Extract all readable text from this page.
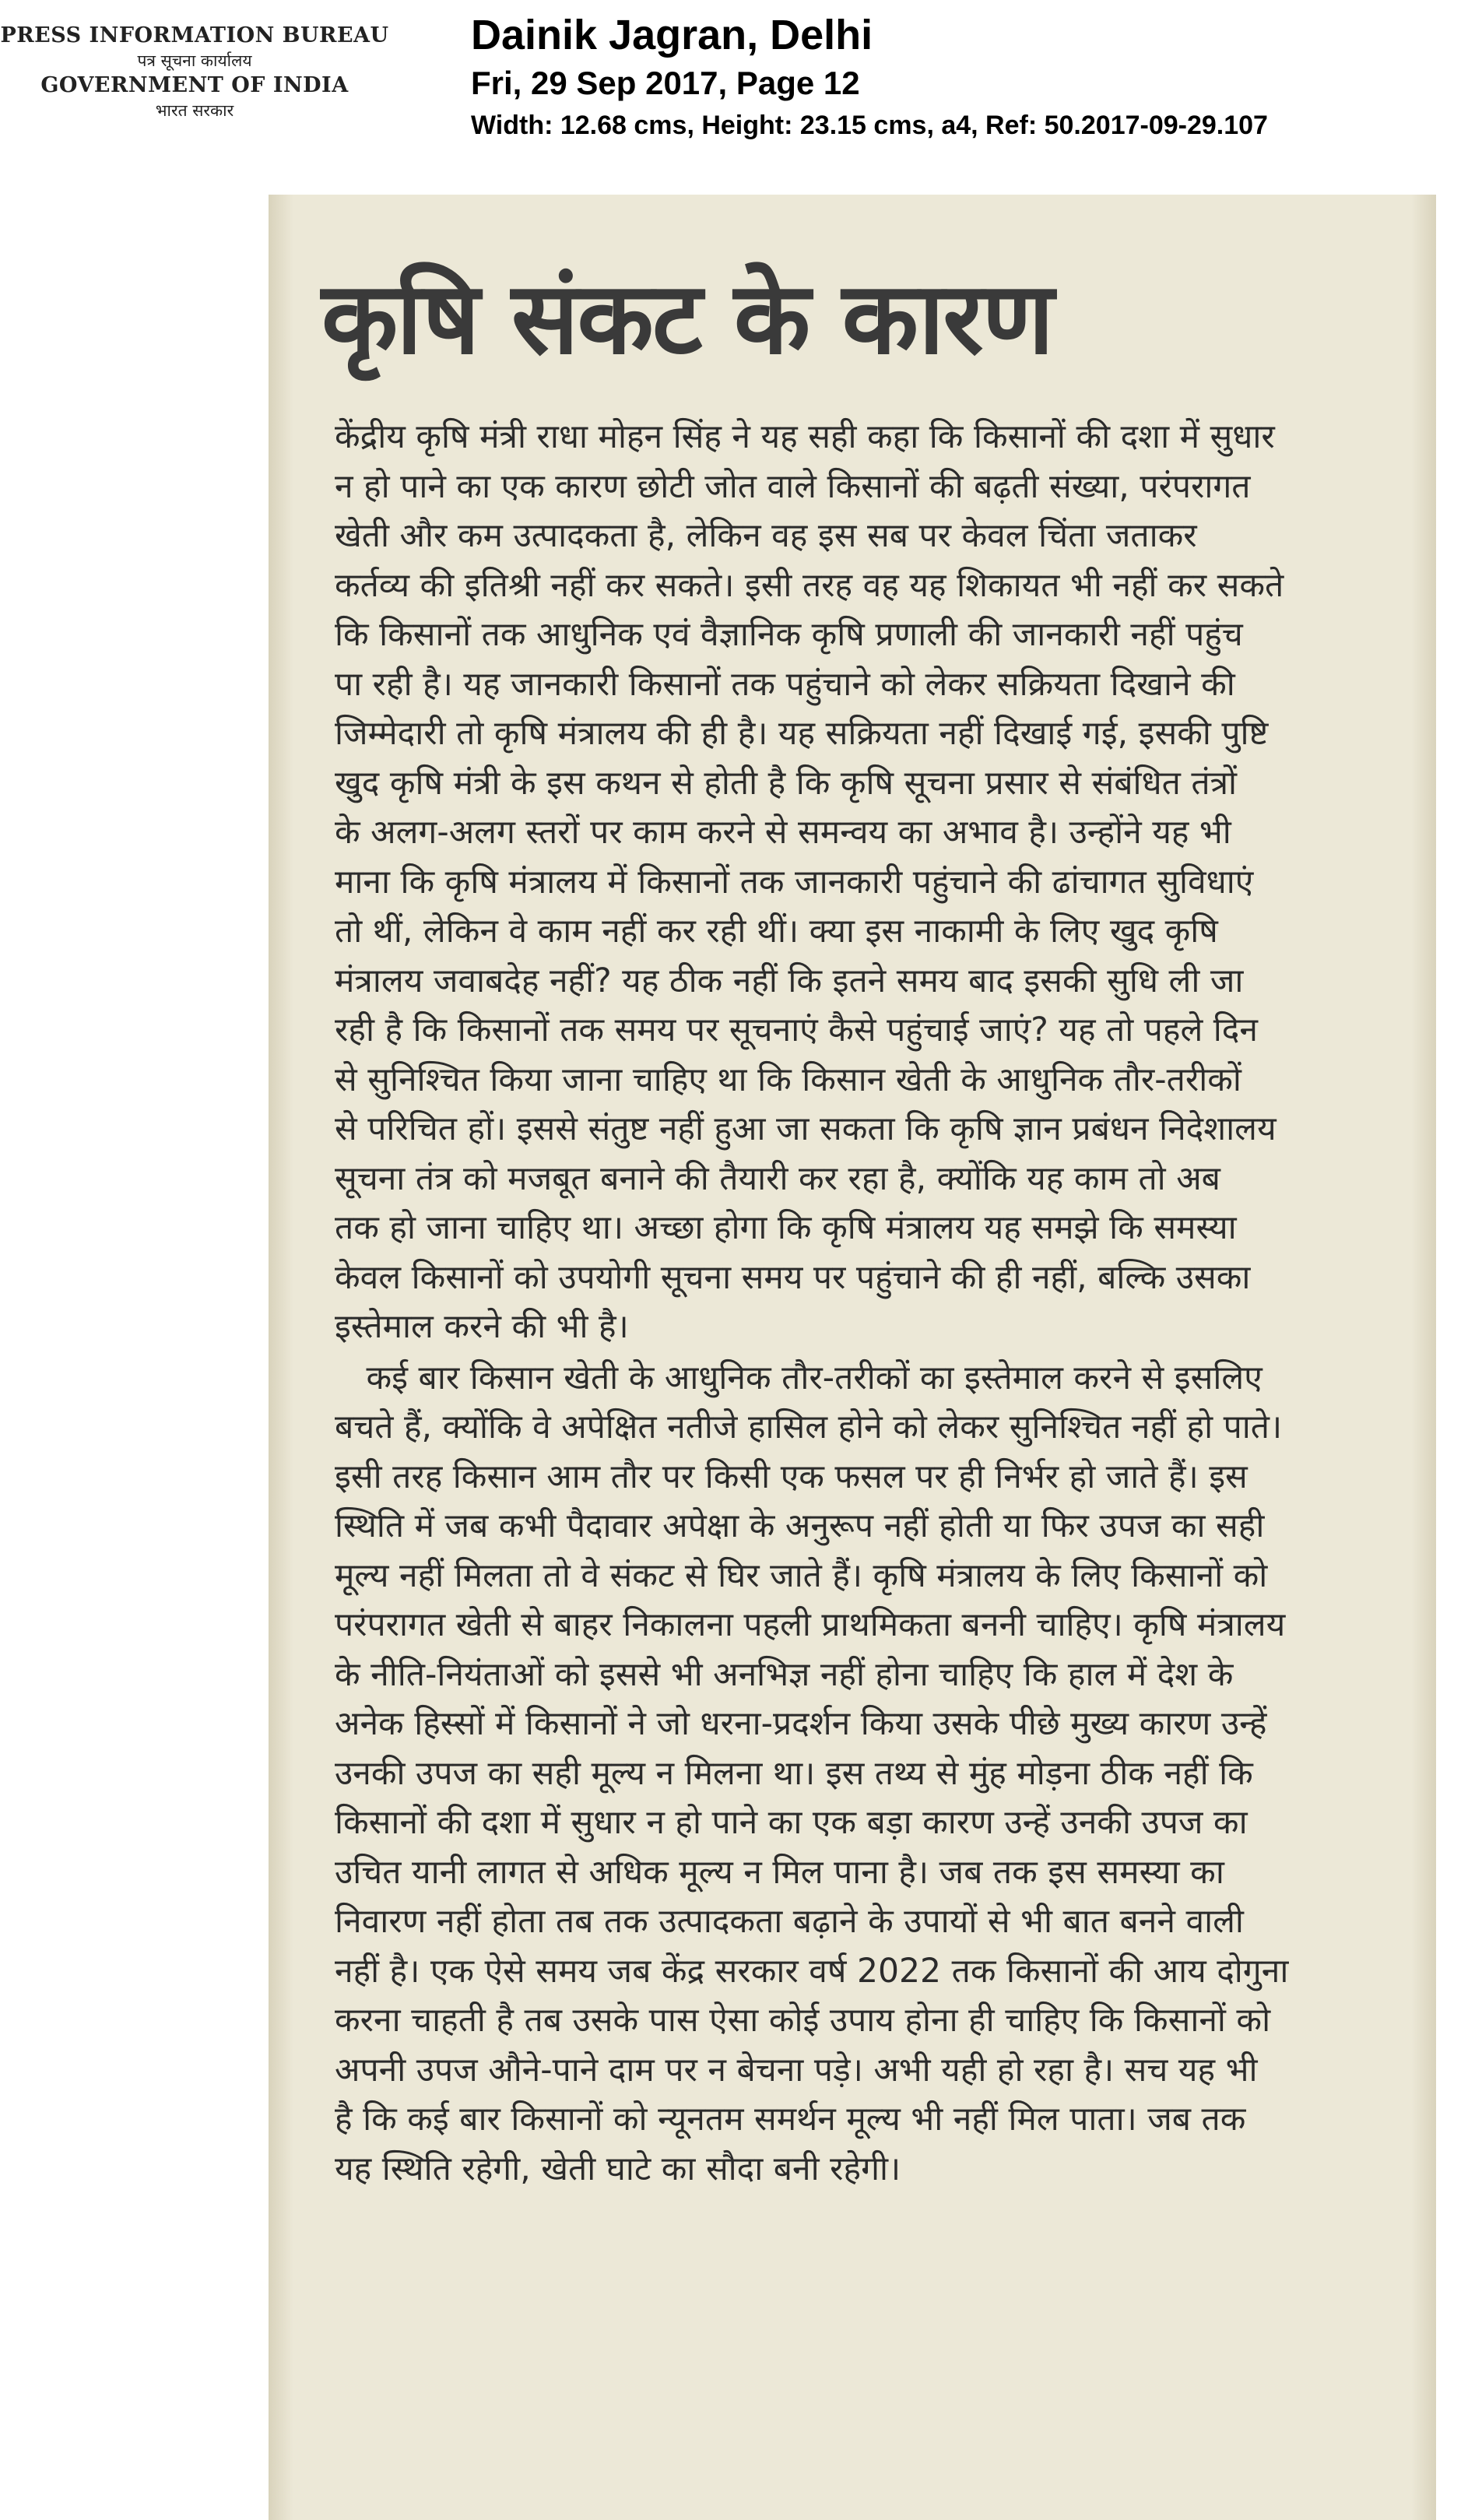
PRESS INFORMATION BUREAU
पत्र सूचना कार्यालय
GOVERNMENT OF INDIA
भारत सरकार
Dainik Jagran, Delhi
Fri, 29 Sep 2017, Page 12
Width: 12.68 cms, Height: 23.15 cms, a4, Ref: 50.2017-09-29.107
कृषि संकट के कारण
केंद्रीय कृषि मंत्री राधा मोहन सिंह ने यह सही कहा कि किसानों की दशा में सुधार
न हो पाने का एक कारण छोटी जोत वाले किसानों की बढ़ती संख्या, परंपरागत
खेती और कम उत्पादकता है, लेकिन वह इस सब पर केवल चिंता जताकर
कर्तव्य की इतिश्री नहीं कर सकते। इसी तरह वह यह शिकायत भी नहीं कर सकते
कि किसानों तक आधुनिक एवं वैज्ञानिक कृषि प्रणाली की जानकारी नहीं पहुंच
पा रही है। यह जानकारी किसानों तक पहुंचाने को लेकर सक्रियता दिखाने की
जिम्मेदारी तो कृषि मंत्रालय की ही है। यह सक्रियता नहीं दिखाई गई, इसकी पुष्टि
खुद कृषि मंत्री के इस कथन से होती है कि कृषि सूचना प्रसार से संबंधित तंत्रों
के अलग-अलग स्तरों पर काम करने से समन्वय का अभाव है। उन्होंने यह भी
माना कि कृषि मंत्रालय में किसानों तक जानकारी पहुंचाने की ढांचागत सुविधाएं
तो थीं, लेकिन वे काम नहीं कर रही थीं। क्या इस नाकामी के लिए खुद कृषि
मंत्रालय जवाबदेह नहीं? यह ठीक नहीं कि इतने समय बाद इसकी सुधि ली जा
रही है कि किसानों तक समय पर सूचनाएं कैसे पहुंचाई जाएं? यह तो पहले दिन
से सुनिश्चित किया जाना चाहिए था कि किसान खेती के आधुनिक तौर-तरीकों
से परिचित हों। इससे संतुष्ट नहीं हुआ जा सकता कि कृषि ज्ञान प्रबंधन निदेशालय
सूचना तंत्र को मजबूत बनाने की तैयारी कर रहा है, क्योंकि यह काम तो अब
तक हो जाना चाहिए था। अच्छा होगा कि कृषि मंत्रालय यह समझे कि समस्या
केवल किसानों को उपयोगी सूचना समय पर पहुंचाने की ही नहीं, बल्कि उसका
इस्तेमाल करने की भी है।
कई बार किसान खेती के आधुनिक तौर-तरीकों का इस्तेमाल करने से इसलिए
बचते हैं, क्योंकि वे अपेक्षित नतीजे हासिल होने को लेकर सुनिश्चित नहीं हो पाते।
इसी तरह किसान आम तौर पर किसी एक फसल पर ही निर्भर हो जाते हैं। इस
स्थिति में जब कभी पैदावार अपेक्षा के अनुरूप नहीं होती या फिर उपज का सही
मूल्य नहीं मिलता तो वे संकट से घिर जाते हैं। कृषि मंत्रालय के लिए किसानों को
परंपरागत खेती से बाहर निकालना पहली प्राथमिकता बननी चाहिए। कृषि मंत्रालय
के नीति-नियंताओं को इससे भी अनभिज्ञ नहीं होना चाहिए कि हाल में देश के
अनेक हिस्सों में किसानों ने जो धरना-प्रदर्शन किया उसके पीछे मुख्य कारण उन्हें
उनकी उपज का सही मूल्य न मिलना था। इस तथ्य से मुंह मोड़ना ठीक नहीं कि
किसानों की दशा में सुधार न हो पाने का एक बड़ा कारण उन्हें उनकी उपज का
उचित यानी लागत से अधिक मूल्य न मिल पाना है। जब तक इस समस्या का
निवारण नहीं होता तब तक उत्पादकता बढ़ाने के उपायों से भी बात बनने वाली
नहीं है। एक ऐसे समय जब केंद्र सरकार वर्ष 2022 तक किसानों की आय दोगुना
करना चाहती है तब उसके पास ऐसा कोई उपाय होना ही चाहिए कि किसानों को
अपनी उपज औने-पाने दाम पर न बेचना पड़े। अभी यही हो रहा है। सच यह भी
है कि कई बार किसानों को न्यूनतम समर्थन मूल्य भी नहीं मिल पाता। जब तक
यह स्थिति रहेगी, खेती घाटे का सौदा बनी रहेगी।
